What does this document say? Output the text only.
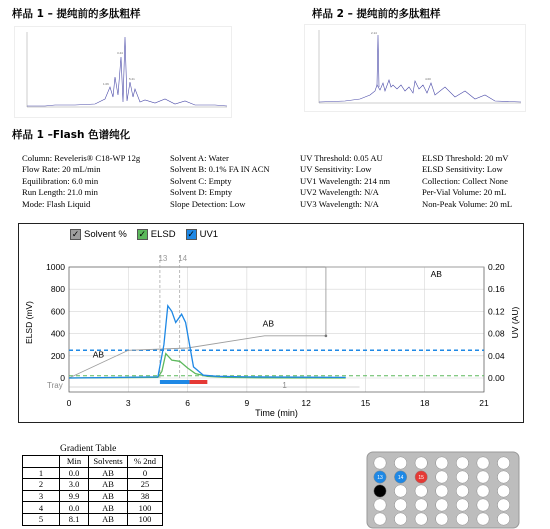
样品 1 – 提纯前的多肽粗样	样品 2 – 提纯前的多肽粗样
1.06
3.44
5.21
2.14
4.00
样品 1 –Flash 色谱纯化
Column: Reveleris® C18-WP 12g
Flow Rate: 20 mL/min
Equilibration: 6.0 min
Run Length: 21.0 min
Mode: Flash Liquid
Solvent A: Water
Solvent B: 0.1% FA IN ACN
Solvent C: Empty
Solvent D: Empty
Slope Detection: Low
UV Threshold: 0.05 AU
UV Sensitivity: Low
UV1 Wavelength: 214 nm
UV2 Wavelength: N/A
UV3 Wavelength: N/A
ELSD Threshold: 20 mV
ELSD Sensitivity: Low
Collection: Collect None
Per-Vial Volume: 20 mL
Non-Peak Volume: 20 mL
✓ Solvent % ✓ ELSD ✓ UV1
0
200
400
600
800
1000
0.00
0.04
0.08
0.12
0.16
0.20
0	3	6	9	12	15	18	21
Time (min)
ELSD (mV)	UV (AU)
13 14
AB
AB
AB
Tray	1
Gradient Table
	Min	Solvents	% 2nd
1	0.0	AB	0
2	3.0	AB	25
3	9.9	AB	38
4	0.0	AB	100
5	8.1	AB	100
13	14	15
